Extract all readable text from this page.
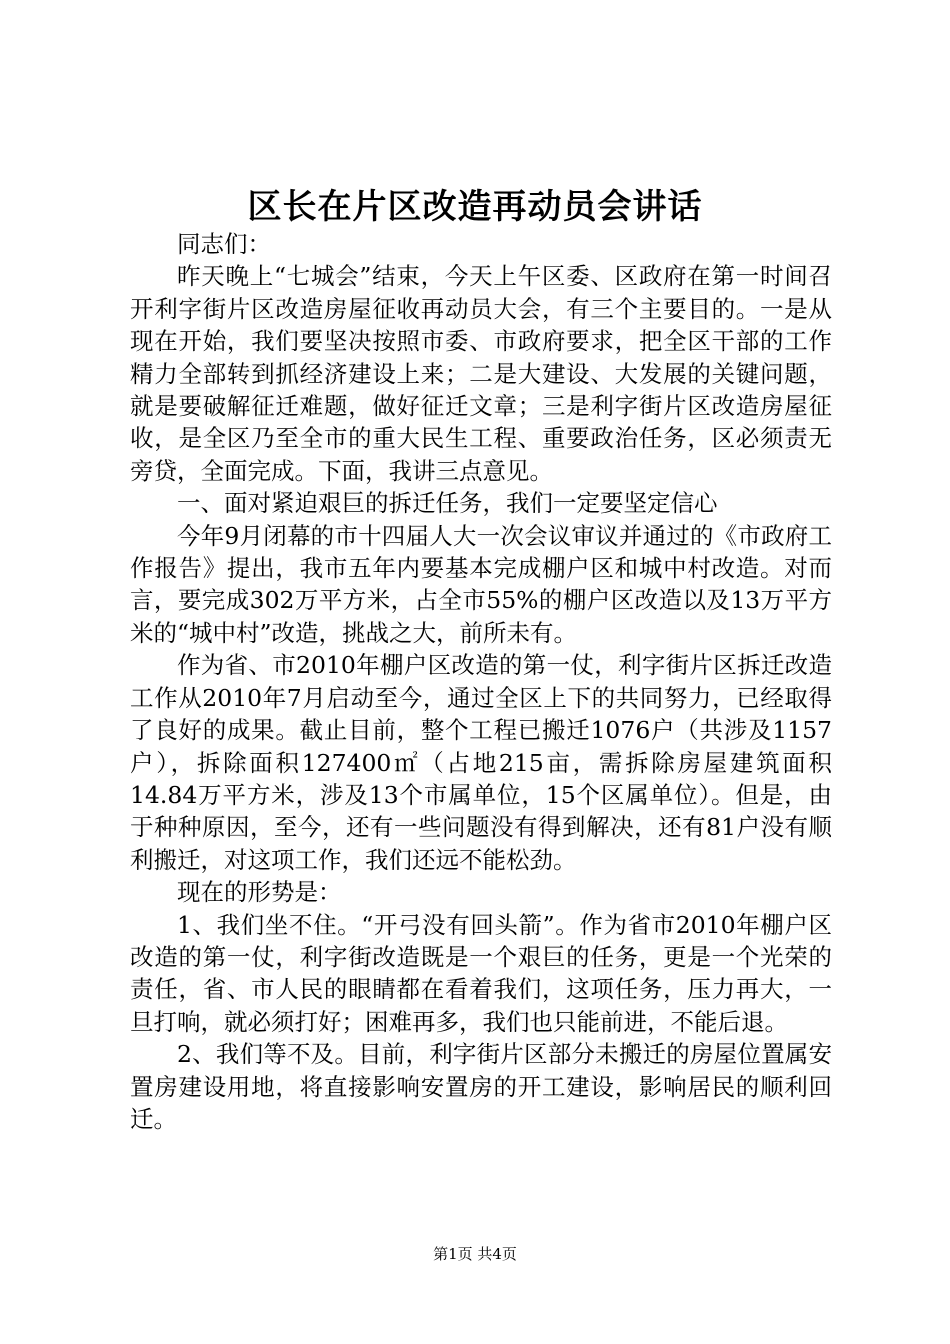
区长在片区改造再动员会讲话

同志们：

昨天晚上“七城会”结束，今天上午区委、区政府在第一时间召开利字街片区改造房屋征收再动员大会，有三个主要目的。一是从现在开始，我们要坚决按照市委、市政府要求，把全区干部的工作精力全部转到抓经济建设上来；二是大建设、大发展的关键问题，就是要破解征迁难题，做好征迁文章；三是利字街片区改造房屋征收，是全区乃至全市的重大民生工程、重要政治任务，区必须责无旁贷，全面完成。下面，我讲三点意见。

一、面对紧迫艰巨的拆迁任务，我们一定要坚定信心

今年9月闭幕的市十四届人大一次会议审议并通过的《市政府工作报告》提出，我市五年内要基本完成棚户区和城中村改造。对而言，要完成302万平方米，占全市55%的棚户区改造以及13万平方米的“城中村”改造，挑战之大，前所未有。

作为省、市2010年棚户区改造的第一仗，利字街片区拆迁改造工作从2010年7月启动至今，通过全区上下的共同努力，已经取得了良好的成果。截止目前，整个工程已搬迁1076户（共涉及1157户），拆除面积127400㎡（占地215亩，需拆除房屋建筑面积14.84万平方米，涉及13个市属单位，15个区属单位）。但是，由于种种原因，至今，还有一些问题没有得到解决，还有81户没有顺利搬迁，对这项工作，我们还远不能松劲。

现在的形势是：

1、我们坐不住。“开弓没有回头箭”。作为省市2010年棚户区改造的第一仗，利字街改造既是一个艰巨的任务，更是一个光荣的责任，省、市人民的眼睛都在看着我们，这项任务，压力再大，一旦打响，就必须打好；困难再多，我们也只能前进，不能后退。

2、我们等不及。目前，利字街片区部分未搬迁的房屋位置属安置房建设用地，将直接影响安置房的开工建设，影响居民的顺利回迁。

第1页 共4页
